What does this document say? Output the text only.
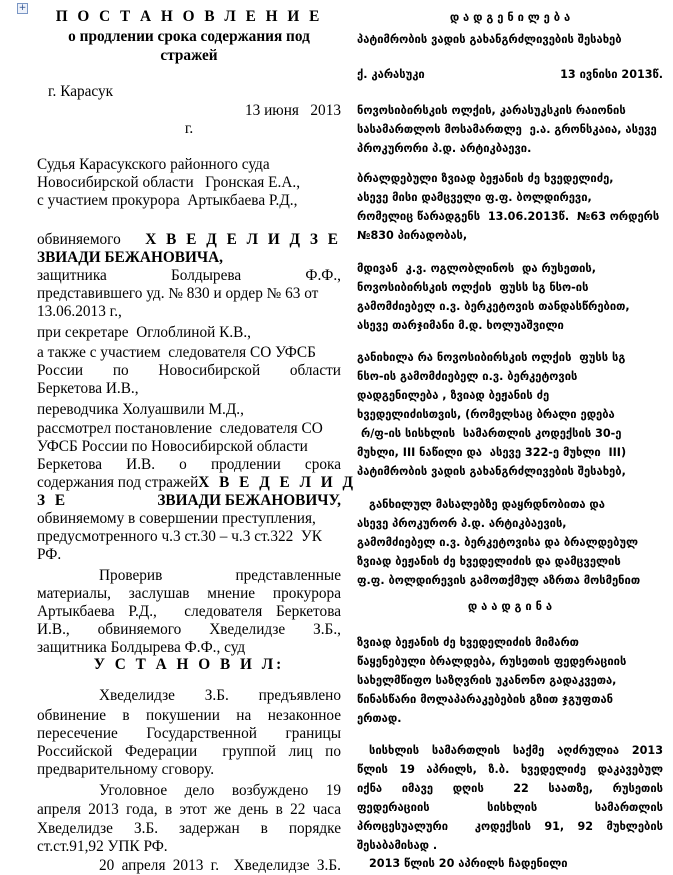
+ П О С Т А Н О В Л Е Н И Е
о продлении срока содержания под
стражей
г. Карасук
13 июня   2013
г.
Судья Карасукского районного суда
Новосибирской области   Гронская Е.А.,
с участием прокурора  Артыкбаева Р.Д.,
обвиняемого Х В Е Д Е Л И Д З Е
ЗВИАДИ БЕЖАНОВИЧА,
защитника Болдырева Ф.Ф.,
представившего уд. № 830 и ордер № 63 от
13.06.2013 г.,
при секретаре  Оглоблиной К.В.,
а также с участием  следователя СО УФСБ
России по Новосибирской области
Беркетова И.В.,
переводчика Холуашвили М.Д.,
рассмотрел постановление  следователя СО
УФСБ России по Новосибирской области
Беркетова И.В. о продлении срока
содержания под стражей Х В Е Д Е Л И Д
З Е	ЗВИАДИ БЕЖАНОВИЧУ,
обвиняемому в совершении преступления,
предусмотренного ч.3 ст.30 – ч.3 ст.322  УК
РФ.
Проверив представленные
материалы, заслушав мнение прокурора
Артыкбаева Р.Д.,  следователя Беркетова
И.В., обвиняемого Хведелидзе З.Б.,
защитника Болдырева Ф.Ф., суд
У С Т А Н О В И Л:
Хведелидзе З.Б. предъявлено
обвинение в покушении на незаконное
пересечение Государственной границы
Российской Федерации  группой лиц по
предварительному сговору.
Уголовное дело возбуждено 19
апреля 2013 года, в этот же день в 22 часа
Хведелидзе З.Б. задержан в порядке
ст.ст.91,92 УПК РФ.
20 апреля 2013 г.  Хведелидзе З.Б.
დ ა დ გ ე ნ ი ლ ე ბ ა
პატიმრობის ვადის გახანგრძლივების შესახებ
ქ. კარასუკი	13 ივნისი 2013წ.
ნოვოსიბირსკის ოლქის, კარასუკსკის რაიონის
სასამართლოს მოსამართლე  ე.ა. გრონსკაია, ასევე
პროკურორი პ.დ. არტიკბაევი.
ბრალდებული ზვიად ბეჟანის ძე ხვედელიძე,
ასევე მისი დამცველი ფ.ფ. ბოლდირევი,
რომელიც წარადგენს  13.06.2013წ.  №63 ორდერს
№830 პირადობას,
მდივან  კ.ვ. ოგლობლინოს  და რუსეთის,
ნოვოსიბირსკის ოლქის  ფუსს სგ ნსო-ის
გამომძიებელ ი.ვ. ბერკეტოვის თანდასწრებით,
ასევე თარჯიმანი მ.დ. ხოლუაშვილი
განიხილა რა ნოვოსიბირსკის ოლქის  ფუსს სგ
ნსო-ის გამომძიებელ ი.ვ. ბერკეტოვის
დადგენილება , ზვიად ბეჟანის ძე
ხვედელიძისთვის, (რომელსაც ბრალი ედება
რ/ფ-ის სისხლის  სამართლის კოდექსის 30-ე
მუხლი, III ნაწილი და  ასევე 322-ე მუხლი  III)
პატიმრობის ვადის გახანგრძლივების შესახებ,
განხილულ მასალებზე დაყრდნობითა და
ასევე პროკურორ პ.დ. არტიკბაევის,
გამომძიებელ ი.ვ. ბერკეტოვისა და ბრალდებულ
ზვიად ბეჟანის ძე ხვედელიძის და დამცველის
ფ.ფ. ბოლდირევის გამოთქმულ აზრთა მოსმენით
დ ა ა დ გ ი ნ ა
ზვიად ბეჟანის ძე ხვედელიძის მიმართ
წაყენებული ბრალდება, რუსეთის ფედერაციის
სახელმწიფო საზღვრის უკანონო გადაკვეთა,
წინასწარი მოლაპარაკებების გზით ჯგუფთან
ერთად.
სისხლის სამართლის საქმე აღძრულია 2013
წლის 19 აპრილს, ზ.ბ. ხვედელიძე დაკავებულ
იქნა  იმავე  დღის   22  საათზე,  რუსეთის
ფედერაციის სისხლის სამართლის
პროცესუალური  კოდექსის 91, 92 მუხლების
შესაბამისად .
2013 წლის 20 აპრილს ჩადენილი
